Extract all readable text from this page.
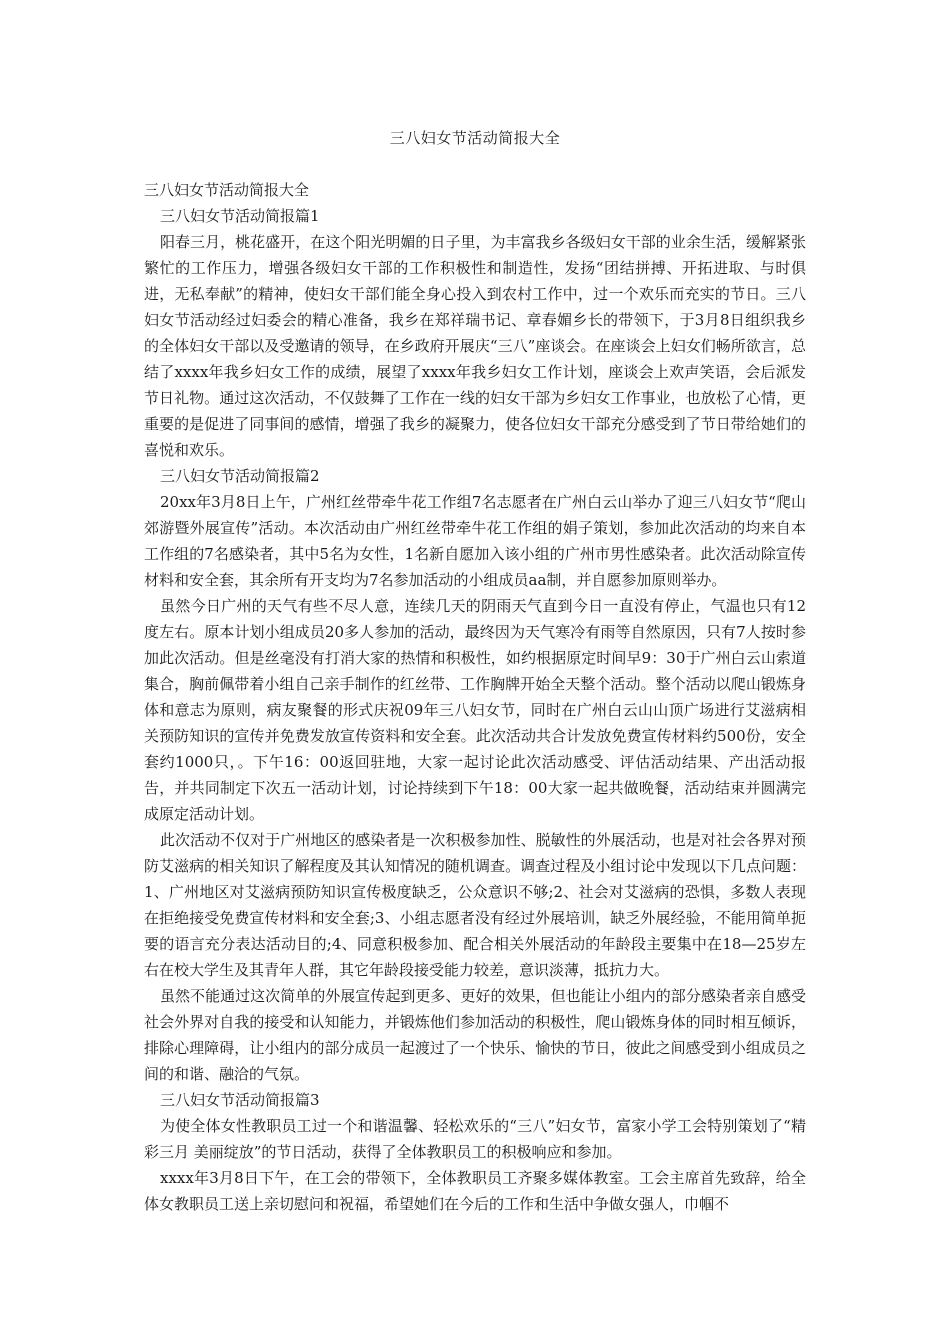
三八妇女节活动简报大全

三八妇女节活动简报大全

三八妇女节活动简报篇1

阳春三月，桃花盛开，在这个阳光明媚的日子里，为丰富我乡各级妇女干部的业余生活，缓解紧张繁忙的工作压力，增强各级妇女干部的工作积极性和制造性，发扬“团结拼搏、开拓进取、与时俱进，无私奉献”的精神，使妇女干部们能全身心投入到农村工作中，过一个欢乐而充实的节日。三八妇女节活动经过妇委会的精心准备，我乡在郑祥瑞书记、章春媚乡长的带领下，于3月8日组织我乡的全体妇女干部以及受邀请的领导，在乡政府开展庆“三八”座谈会。在座谈会上妇女们畅所欲言，总结了xxxx年我乡妇女工作的成绩，展望了xxxx年我乡妇女工作计划，座谈会上欢声笑语，会后派发节日礼物。通过这次活动，不仅鼓舞了工作在一线的妇女干部为乡妇女工作事业，也放松了心情，更重要的是促进了同事间的感情，增强了我乡的凝聚力，使各位妇女干部充分感受到了节日带给她们的喜悦和欢乐。

三八妇女节活动简报篇2

20xx年3月8日上午，广州红丝带牵牛花工作组7名志愿者在广州白云山举办了迎三八妇女节“爬山郊游暨外展宣传”活动。本次活动由广州红丝带牵牛花工作组的娟子策划，参加此次活动的均来自本工作组的7名感染者，其中5名为女性，1名新自愿加入该小组的广州市男性感染者。此次活动除宣传材料和安全套，其余所有开支均为7名参加活动的小组成员aa制，并自愿参加原则举办。

虽然今日广州的天气有些不尽人意，连续几天的阴雨天气直到今日一直没有停止，气温也只有12度左右。原本计划小组成员20多人参加的活动，最终因为天气寒冷有雨等自然原因，只有7人按时参加此次活动。但是丝毫没有打消大家的热情和积极性，如约根据原定时间早9：30于广州白云山索道集合，胸前佩带着小组自己亲手制作的红丝带、工作胸牌开始全天整个活动。整个活动以爬山锻炼身体和意志为原则，病友聚餐的形式庆祝09年三八妇女节，同时在广州白云山山顶广场进行艾滋病相关预防知识的宣传并免费发放宣传资料和安全套。此次活动共合计发放免费宣传材料约500份，安全套约1000只，。下午16：00返回驻地，大家一起讨论此次活动感受、评估活动结果、产出活动报告，并共同制定下次五一活动计划，讨论持续到下午18：00大家一起共做晚餐，活动结束并圆满完成原定活动计划。

此次活动不仅对于广州地区的感染者是一次积极参加性、脱敏性的外展活动，也是对社会各界对预防艾滋病的相关知识了解程度及其认知情况的随机调查。调查过程及小组讨论中发现以下几点问题：1、广州地区对艾滋病预防知识宣传极度缺乏，公众意识不够;2、社会对艾滋病的恐惧，多数人表现在拒绝接受免费宣传材料和安全套;3、小组志愿者没有经过外展培训，缺乏外展经验，不能用简单扼要的语言充分表达活动目的;4、同意积极参加、配合相关外展活动的年龄段主要集中在18—25岁左右在校大学生及其青年人群，其它年龄段接受能力较差，意识淡薄，抵抗力大。

虽然不能通过这次简单的外展宣传起到更多、更好的效果，但也能让小组内的部分感染者亲自感受社会外界对自我的接受和认知能力，并锻炼他们参加活动的积极性，爬山锻炼身体的同时相互倾诉，排除心理障碍，让小组内的部分成员一起渡过了一个快乐、愉快的节日，彼此之间感受到小组成员之间的和谐、融洽的气氛。

三八妇女节活动简报篇3

为使全体女性教职员工过一个和谐温馨、轻松欢乐的“三八”妇女节，富家小学工会特别策划了“精彩三月 美丽绽放”的节日活动，获得了全体教职员工的积极响应和参加。

xxxx年3月8日下午，在工会的带领下，全体教职员工齐聚多媒体教室。工会主席首先致辞，给全体女教职员工送上亲切慰问和祝福，希望她们在今后的工作和生活中争做女强人，巾帼不
